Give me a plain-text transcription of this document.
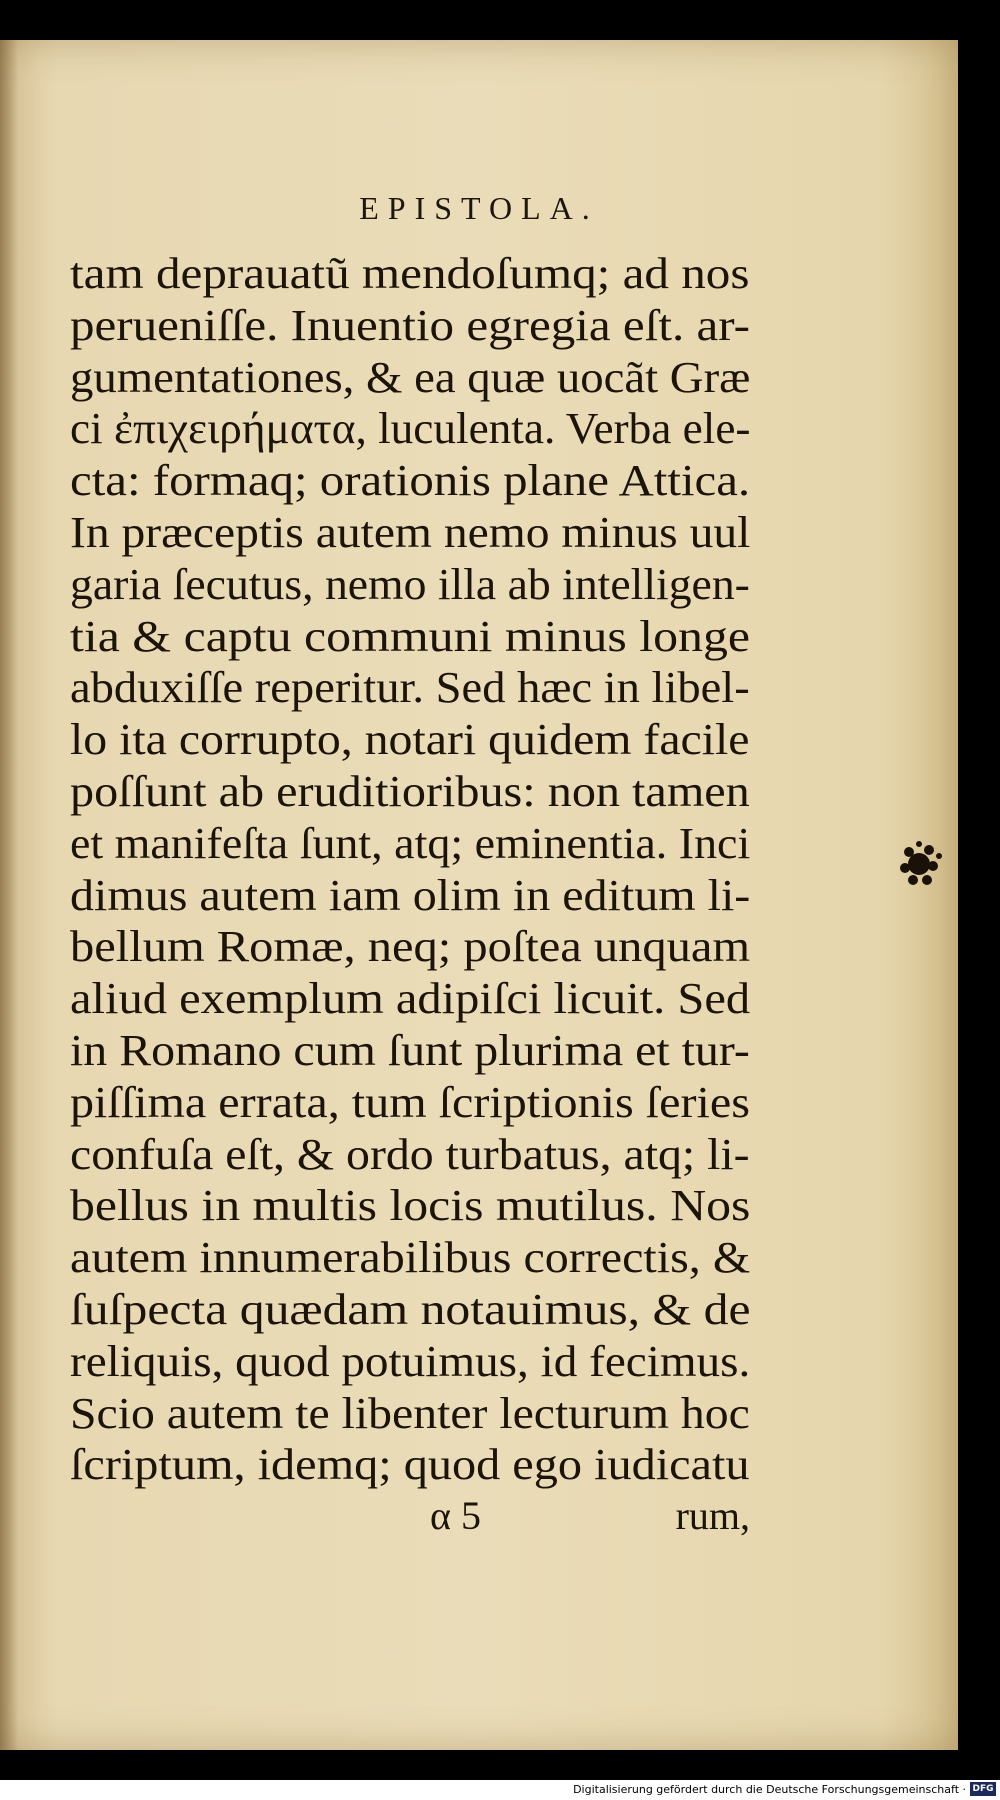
EPISTOLA.
tam deprauatũ mendoſumq; ad nos
perueniſſe. Inuentio egregia eſt. ar-
gumentationes, & ea quæ uocãt Græ
ci ἐπιχειρήματα, luculenta. Verba ele-
cta: formaq; orationis plane Attica.
In præceptis autem nemo minus uul
garia ſecutus, nemo illa ab intelligen-
tia & captu communi minus longe
abduxiſſe reperitur. Sed hæc in libel-
lo ita corrupto, notari quidem facile
poſſunt ab eruditioribus: non tamen
et manifeſta ſunt, atq; eminentia. Inci
dimus autem iam olim in editum li-
bellum Romæ, neq; poſtea unquam
aliud exemplum adipiſci licuit. Sed
in Romano cum ſunt plurima et tur-
piſſima errata, tum ſcriptionis ſeries
confuſa eſt, & ordo turbatus, atq; li-
bellus in multis locis mutilus. Nos
autem innumerabilibus correctis, &
ſuſpecta quædam notauimus, & de
reliquis, quod potuimus, id fecimus.
Scio autem te libenter lecturum hoc
ſcriptum, idemq; quod ego iudicatu
α 5	rum,
Digitalisierung gefördert durch die Deutsche Forschungsgemeinschaft · DFG
